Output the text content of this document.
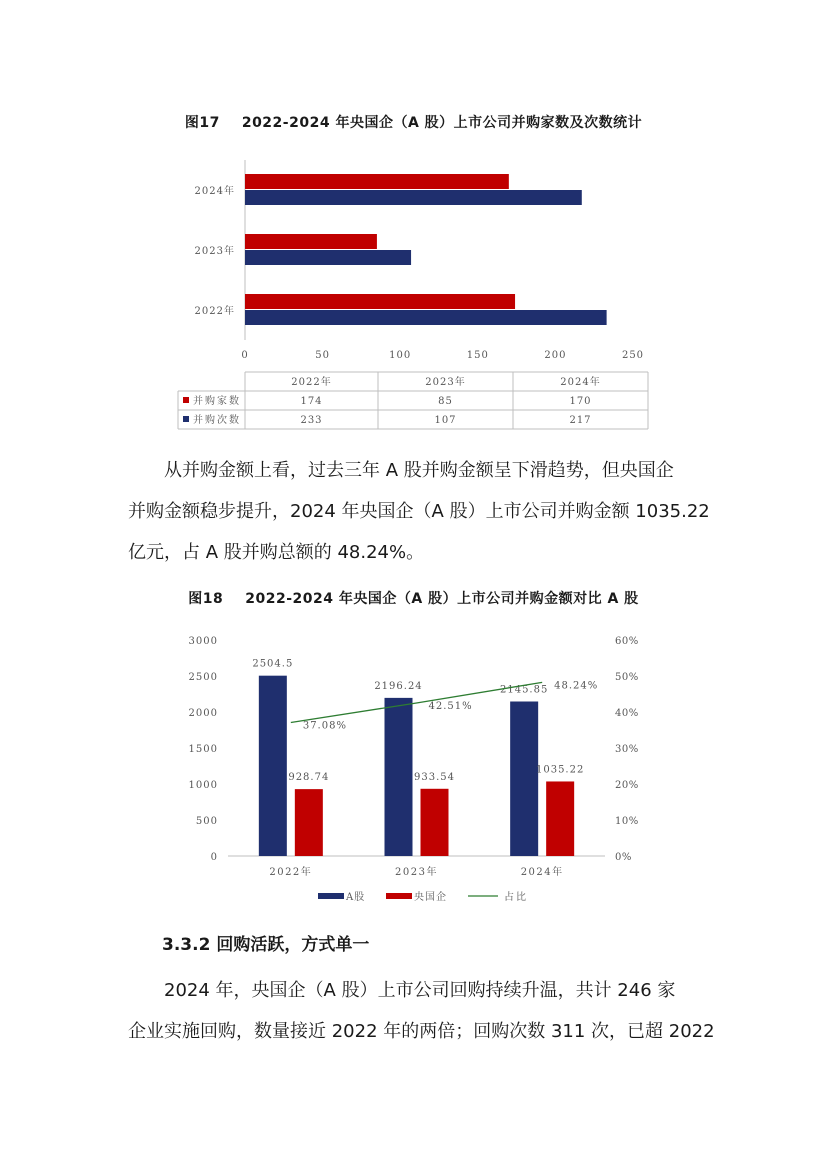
图17 2022-2024 年央国企（A 股）上市公司并购家数及次数统计
2022年
2023年
2024年
0	50	100	150	200	250
2022年	2023年	2024年
并购家数	174	85	170
并购次数	233	107	217

从并购金额上看，过去三年 A 股并购金额呈下滑趋势，但央国企

并购金额稳步提升，2024 年央国企（A 股）上市公司并购金额 1035.22

亿元，占 A 股并购总额的 48.24%。

图18 2022-2024 年央国企（A 股）上市公司并购金额对比 A 股
0
500
1000
1500
2000
2500
3000
0%
10%
20%
30%
40%
50%
60%
2022年
2504.5
928.74
2023年
2196.24
933.54
2024年
2145.85
1035.22
37.08%
42.51%
48.24%
A股	央国企	占比
3.3.2 回购活跃，方式单一

2024 年，央国企（A 股）上市公司回购持续升温，共计 246 家

企业实施回购，数量接近 2022 年的两倍；回购次数 311 次，已超 2022
